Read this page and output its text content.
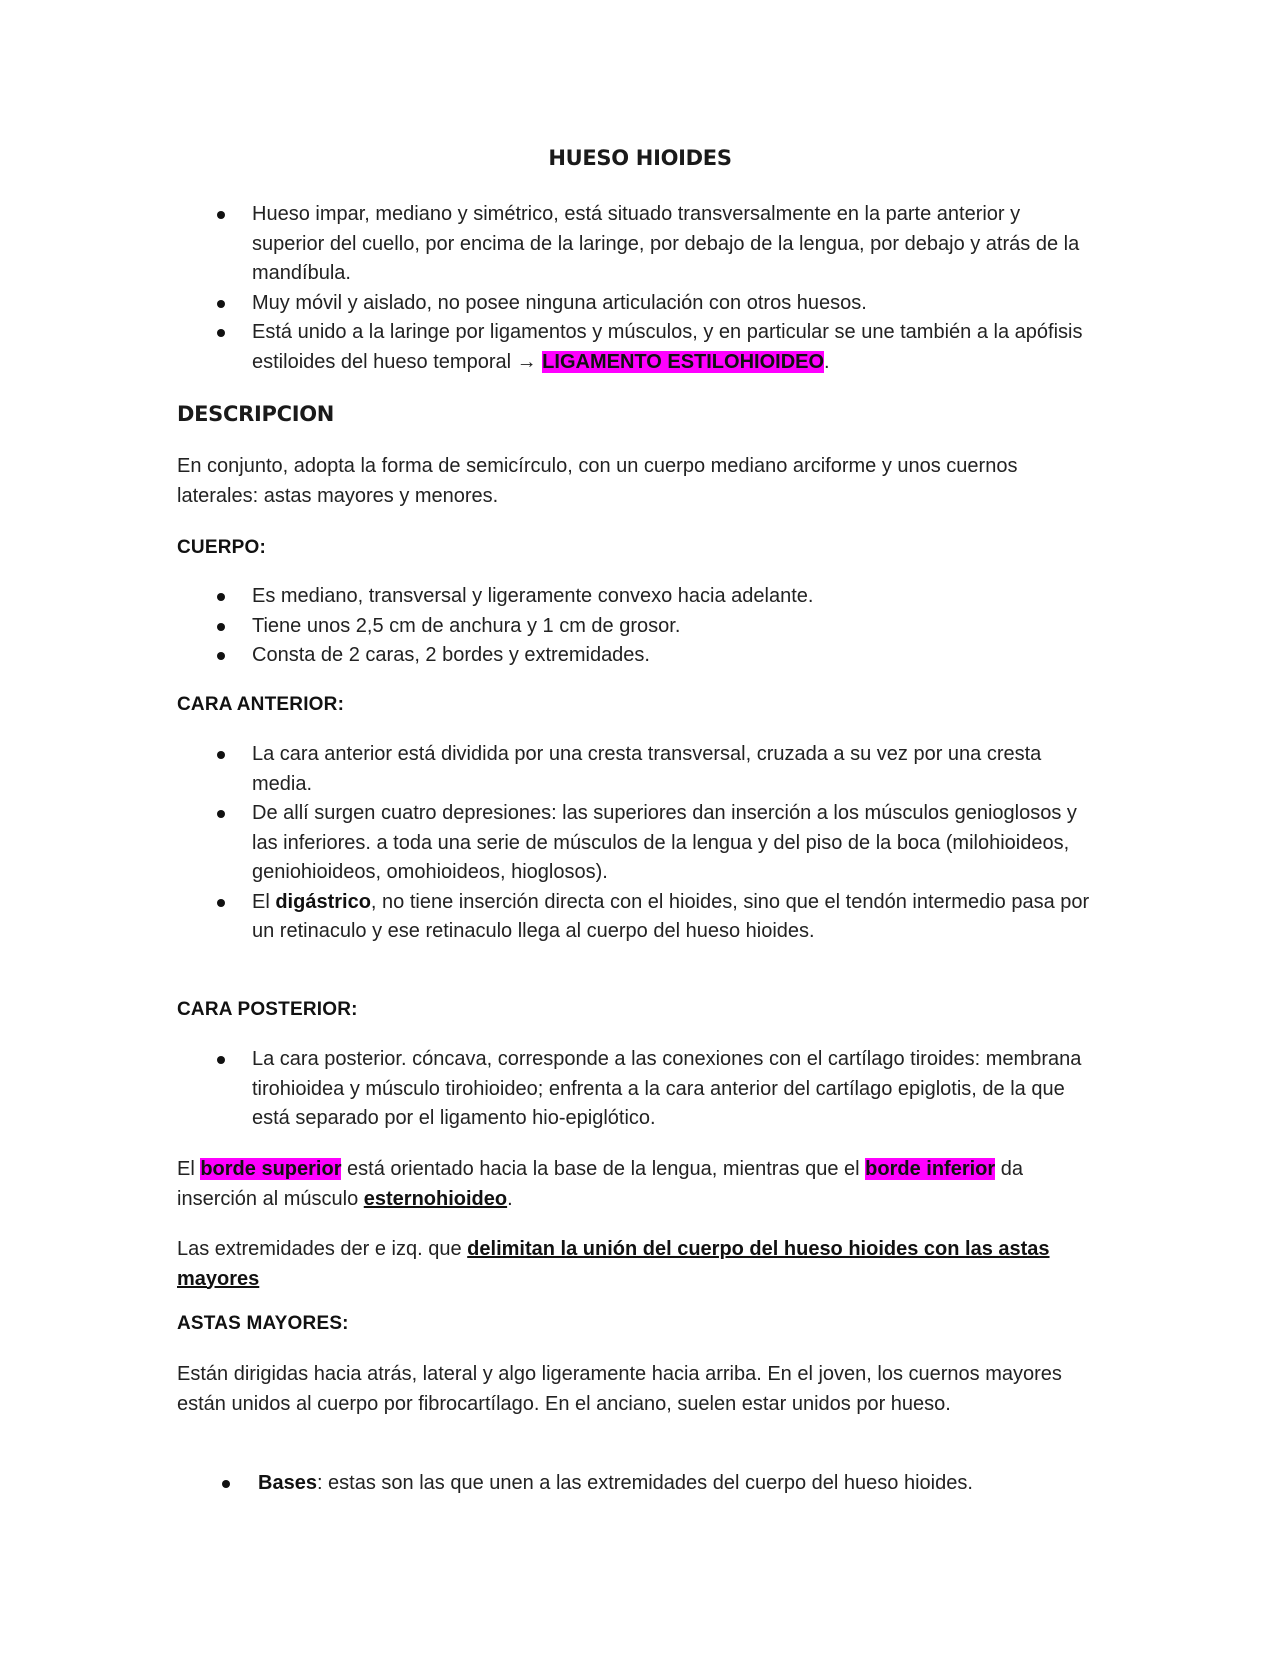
HUESO HIOIDES
Hueso impar, mediano y simétrico, está situado transversalmente en la parte anterior y superior del cuello, por encima de la laringe, por debajo de la lengua, por debajo y atrás de la mandíbula.
Muy móvil y aislado, no posee ninguna articulación con otros huesos.
Está unido a la laringe por ligamentos y músculos, y en particular se une también a la apófisis estiloides del hueso temporal → LIGAMENTO ESTILOHIOIDEO.
DESCRIPCION
En conjunto, adopta la forma de semicírculo, con un cuerpo mediano arciforme y unos cuernos laterales: astas mayores y menores.
CUERPO:
Es mediano, transversal y ligeramente convexo hacia adelante.
Tiene unos 2,5 cm de anchura y 1 cm de grosor.
Consta de 2 caras, 2 bordes y extremidades.
CARA ANTERIOR:
La cara anterior está dividida por una cresta transversal, cruzada a su vez por una cresta media.
De allí surgen cuatro depresiones: las superiores dan inserción a los músculos genioglosos y las inferiores. a toda una serie de músculos de la lengua y del piso de la boca (milohioideos, geniohioideos, omohioideos, hioglosos).
El digástrico, no tiene inserción directa con el hioides, sino que el tendón intermedio pasa por un retinaculo y ese retinaculo llega al cuerpo del hueso hioides.
CARA POSTERIOR:
La cara posterior. cóncava, corresponde a las conexiones con el cartílago tiroides: membrana tirohioidea y músculo tirohioideo; enfrenta a la cara anterior del cartílago epiglotis, de la que está separado por el ligamento hio-epiglótico.
El borde superior está orientado hacia la base de la lengua, mientras que el borde inferior da inserción al músculo esternohioideo.
Las extremidades der e izq. que delimitan la unión del cuerpo del hueso hioides con las astas mayores
ASTAS MAYORES:
Están dirigidas hacia atrás, lateral y algo ligeramente hacia arriba. En el joven, los cuernos mayores están unidos al cuerpo por fibrocartílago. En el anciano, suelen estar unidos por hueso.
Bases: estas son las que unen a las extremidades del cuerpo del hueso hioides.
